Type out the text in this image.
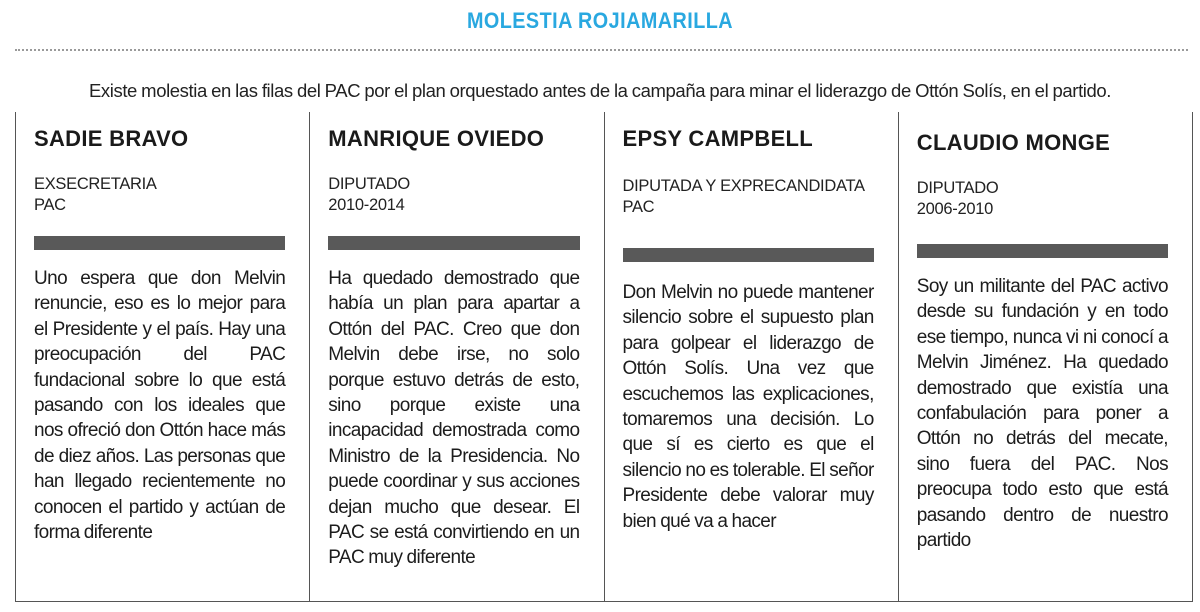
MOLESTIA ROJIAMARILLA
Existe molestia en las filas del PAC por el plan orquestado antes de la campaña para minar el liderazgo de Ottón Solís, en el partido.
SADIE BRAVO
EXSECRETARIA
PAC
Uno espera que don Melvin renuncie, eso es lo mejor para el Presidente y el país. Hay una preocupación del PAC fundacional sobre lo que está pasando con los ideales que nos ofreció don Ottón hace más de diez años. Las personas que han llegado recientemente no conocen el partido y actúan de forma diferente
MANRIQUE OVIEDO
DIPUTADO
2010-2014
Ha quedado demostrado que había un plan para apartar a Ottón del PAC. Creo que don Melvin debe irse, no solo porque estuvo detrás de esto, sino porque existe una incapacidad demostrada como Ministro de la Presidencia. No puede coordinar y sus acciones dejan mucho que desear. El PAC se está convirtiendo en un PAC muy diferente
EPSY CAMPBELL
DIPUTADA Y EXPRECANDIDATA
PAC
Don Melvin no puede mantener silencio sobre el supuesto plan para golpear el liderazgo de Ottón Solís. Una vez que escuchemos las explicaciones, tomaremos una decisión. Lo que sí es cierto es que el silencio no es tolerable. El señor Presidente debe valorar muy bien qué va a hacer
CLAUDIO MONGE
DIPUTADO
2006-2010
Soy un militante del PAC activo desde su fundación y en todo ese tiempo, nunca vi ni conocí a Melvin Jiménez. Ha quedado demostrado que existía una confabulación para poner a Ottón no detrás del mecate, sino fuera del PAC. Nos preocupa todo esto que está pasando dentro de nuestro partido
